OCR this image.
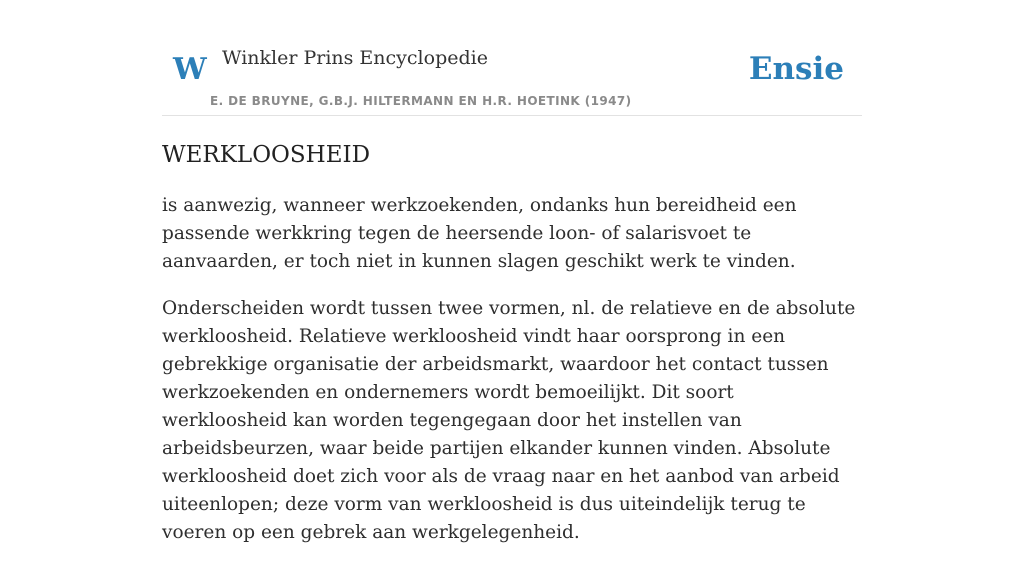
W Winkler Prins Encyclopedie
E. DE BRUYNE, G.B.J. HILTERMANN EN H.R. HOETINK (1947)
Ensie
WERKLOOSHEID

is aanwezig, wanneer werkzoekenden, ondanks hun bereidheid een passende werkkring tegen de heersende loon- of salarisvoet te aanvaarden, er toch niet in kunnen slagen geschikt werk te vinden.

Onderscheiden wordt tussen twee vormen, nl. de relatieve en de absolute werkloosheid. Relatieve werkloosheid vindt haar oorsprong in een gebrekkige organisatie der arbeidsmarkt, waardoor het contact tussen werkzoekenden en ondernemers wordt bemoeilijkt. Dit soort werkloosheid kan worden tegengegaan door het instellen van arbeidsbeurzen, waar beide partijen elkander kunnen vinden. Absolute werkloosheid doet zich voor als de vraag naar en het aanbod van arbeid uiteenlopen; deze vorm van werkloosheid is dus uiteindelijk terug te voeren op een gebrek aan werkgelegenheid.
